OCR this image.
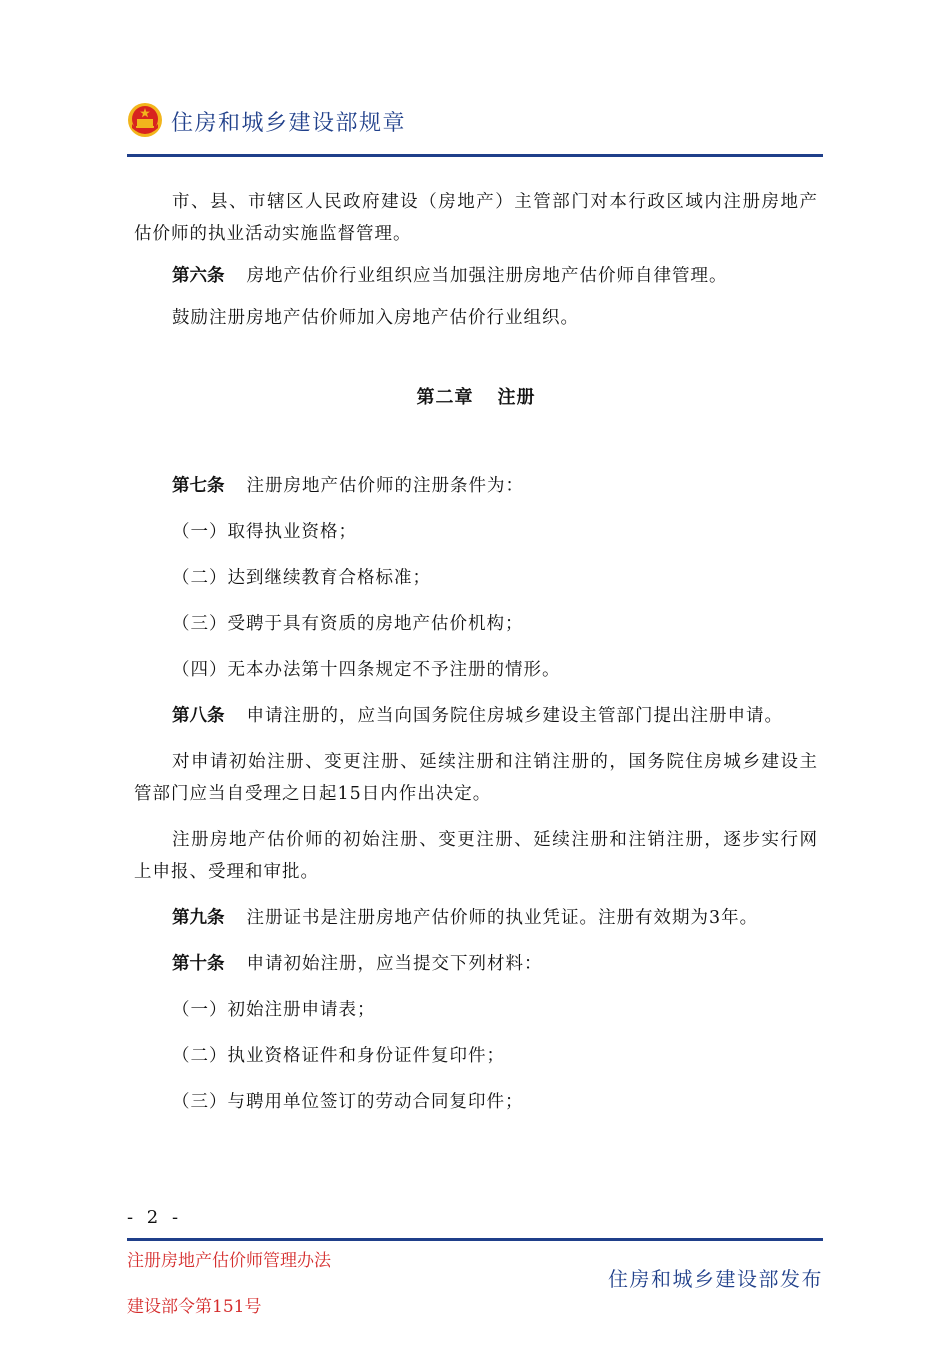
住房和城乡建设部规章

市、县、市辖区人民政府建设（房地产）主管部门对本行政区域内注册房地产估价师的执业活动实施监督管理。

第六条 房地产估价行业组织应当加强注册房地产估价师自律管理。

鼓励注册房地产估价师加入房地产估价行业组织。

第二章 注册

第七条 注册房地产估价师的注册条件为：

（一）取得执业资格；

（二）达到继续教育合格标准；

（三）受聘于具有资质的房地产估价机构；

（四）无本办法第十四条规定不予注册的情形。

第八条 申请注册的，应当向国务院住房城乡建设主管部门提出注册申请。

对申请初始注册、变更注册、延续注册和注销注册的，国务院住房城乡建设主管部门应当自受理之日起15日内作出决定。

注册房地产估价师的初始注册、变更注册、延续注册和注销注册，逐步实行网上申报、受理和审批。

第九条 注册证书是注册房地产估价师的执业凭证。注册有效期为3年。

第十条 申请初始注册，应当提交下列材料：

（一）初始注册申请表；

（二）执业资格证件和身份证件复印件；

（三）与聘用单位签订的劳动合同复印件；

- 2 -
注册房地产估价师管理办法
建设部令第151号
住房和城乡建设部发布
